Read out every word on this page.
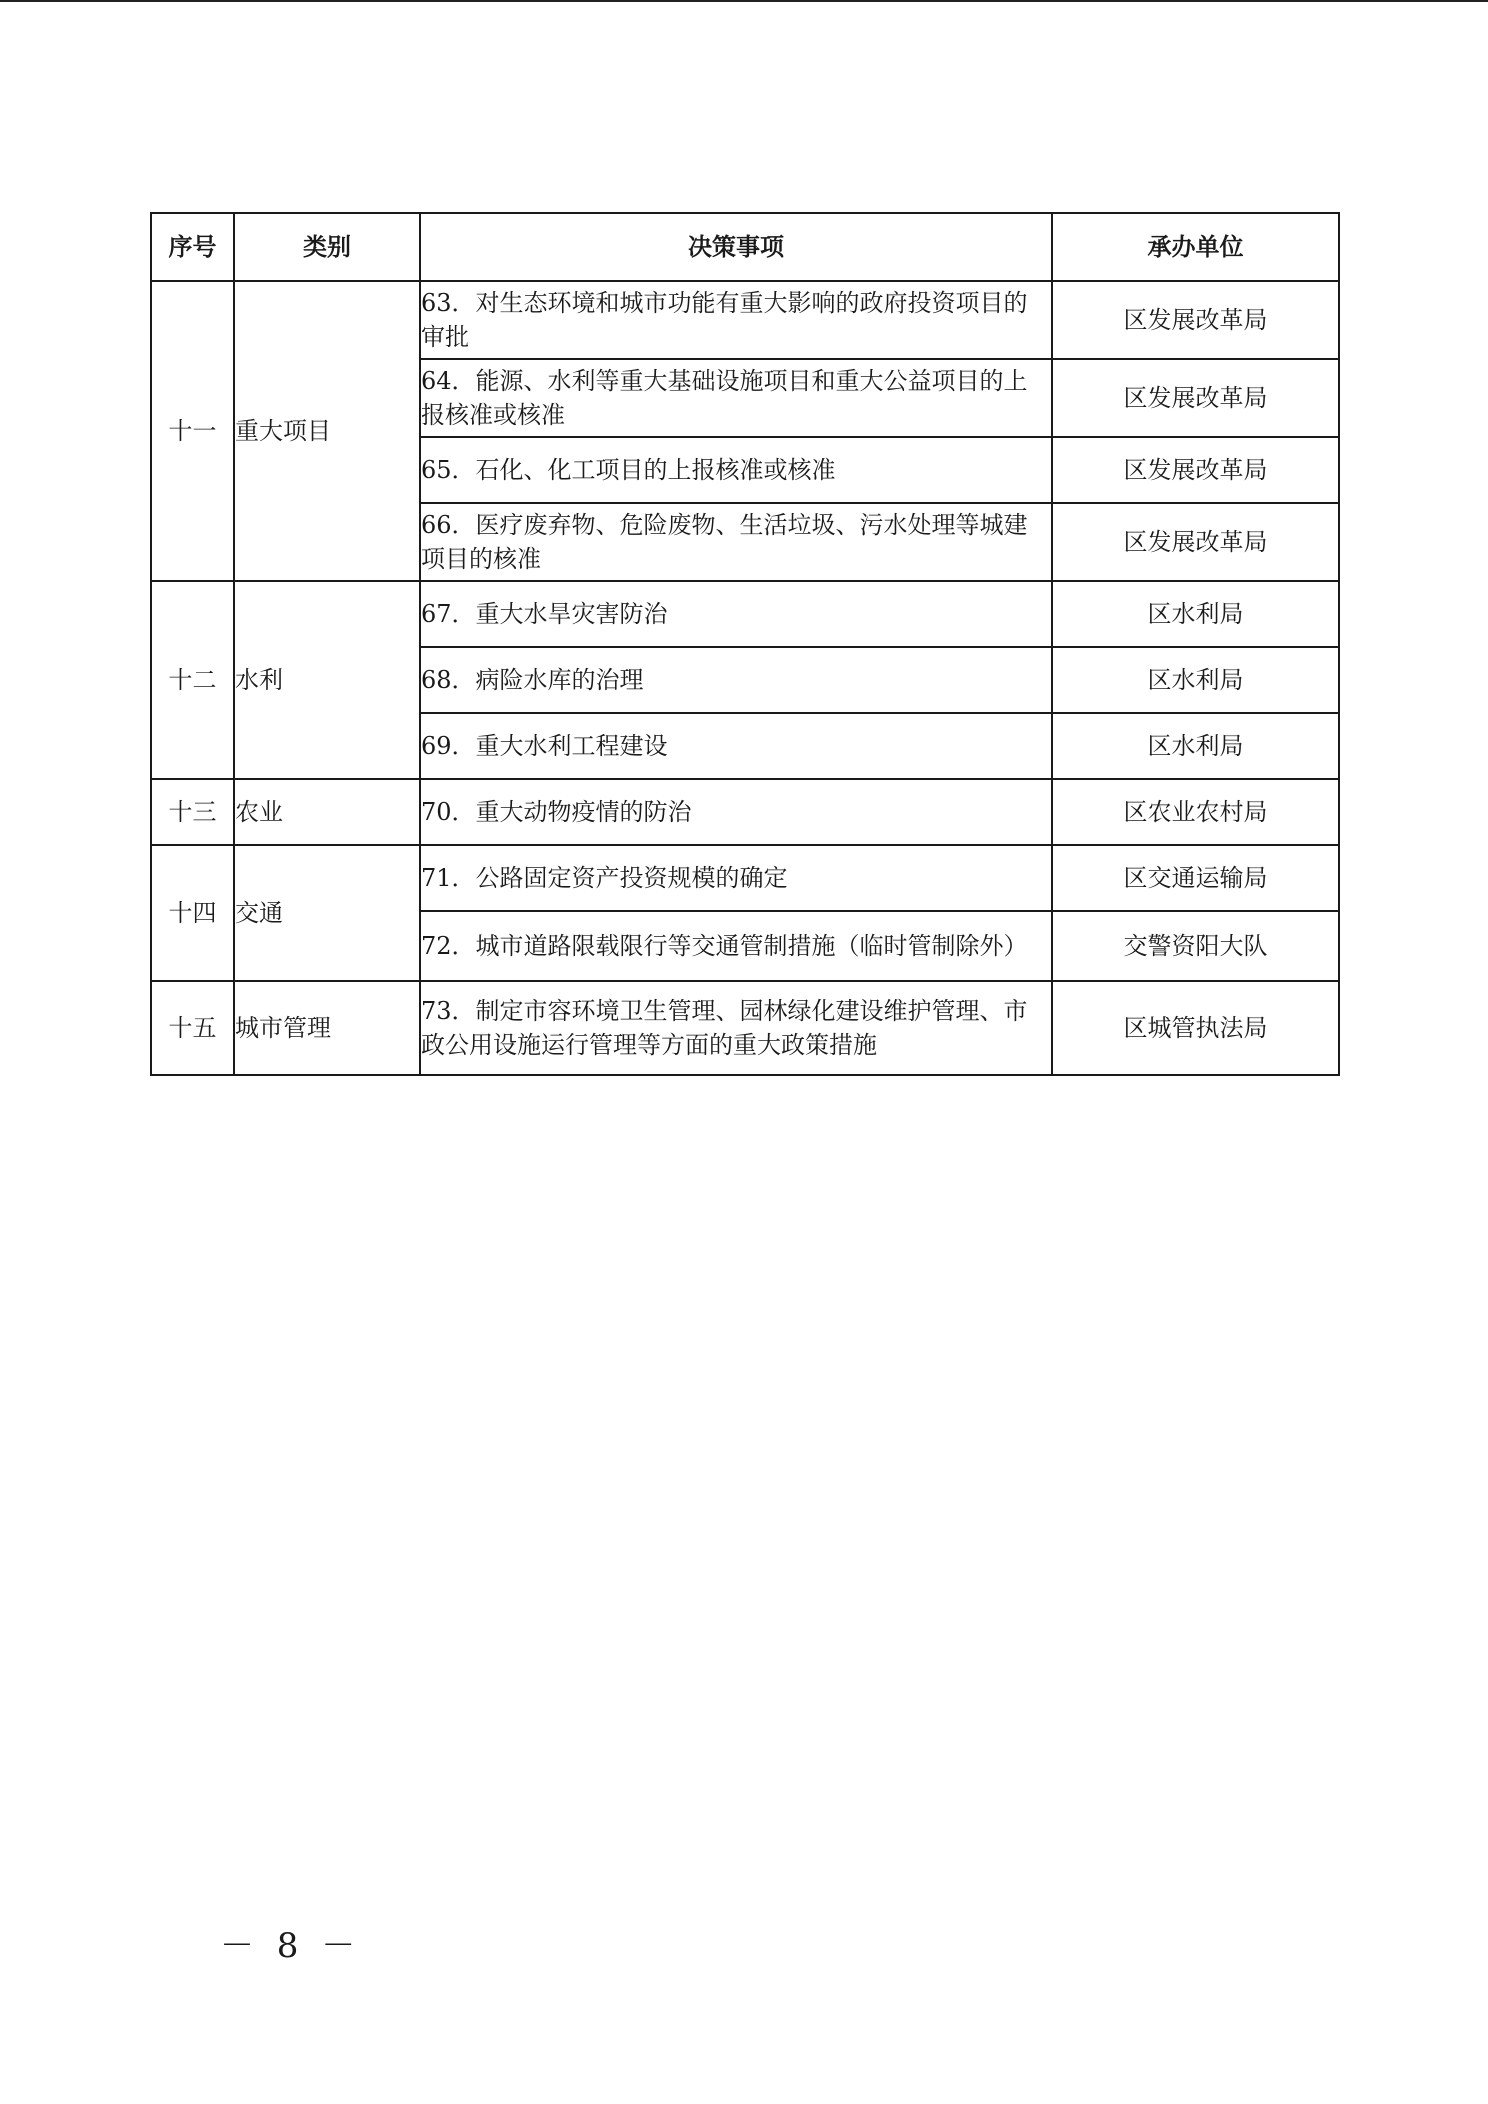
序号	类别	决策事项	承办单位
十一	重大项目	63．对生态环境和城市功能有重大影响的政府投资项目的审批	区发展改革局
		64．能源、水利等重大基础设施项目和重大公益项目的上报核准或核准	区发展改革局
		65．石化、化工项目的上报核准或核准	区发展改革局
		66．医疗废弃物、危险废物、生活垃圾、污水处理等城建项目的核准	区发展改革局
十二	水利	67．重大水旱灾害防治	区水利局
		68．病险水库的治理	区水利局
		69．重大水利工程建设	区水利局
十三	农业	70．重大动物疫情的防治	区农业农村局
十四	交通	71．公路固定资产投资规模的确定	区交通运输局
		72．城市道路限载限行等交通管制措施（临时管制除外）	交警资阳大队
十五	城市管理	73．制定市容环境卫生管理、园林绿化建设维护管理、市政公用设施运行管理等方面的重大政策措施	区城管执法局
－ 8 －
